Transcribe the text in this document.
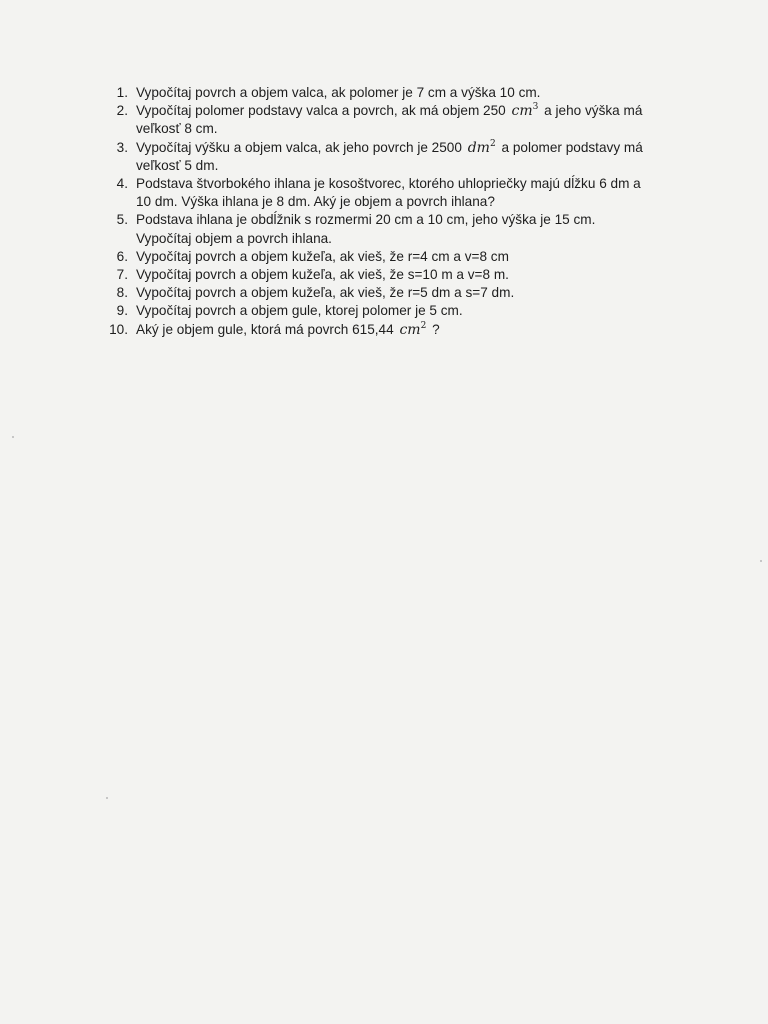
1. Vypočítaj povrch a objem valca, ak polomer je 7 cm a výška 10 cm.
2. Vypočítaj polomer podstavy valca a povrch, ak má objem 250 $cm^3$ a jeho výška má
veľkosť 8 cm.
3. Vypočítaj výšku a objem valca, ak jeho povrch je 2500 $dm^2$ a polomer podstavy má
veľkosť 5 dm.
4. Podstava štvorbokého ihlana je kosoštvorec, ktorého uhlopriečky majú dĺžku 6 dm a
10 dm. Výška ihlana je 8 dm. Aký je objem a povrch ihlana?
5. Podstava ihlana je obdĺžnik s rozmermi 20 cm a 10 cm, jeho výška je 15 cm.
Vypočítaj objem a povrch ihlana.
6. Vypočítaj povrch a objem kužeľa, ak vieš, že r=4 cm a v=8 cm
7. Vypočítaj povrch a objem kužeľa, ak vieš, že s=10 m a v=8 m.
8. Vypočítaj povrch a objem kužeľa, ak vieš, že r=5 dm a s=7 dm.
9. Vypočítaj povrch a objem gule, ktorej polomer je 5 cm.
10. Aký je objem gule, ktorá má povrch 615,44 $cm^2$ ?
